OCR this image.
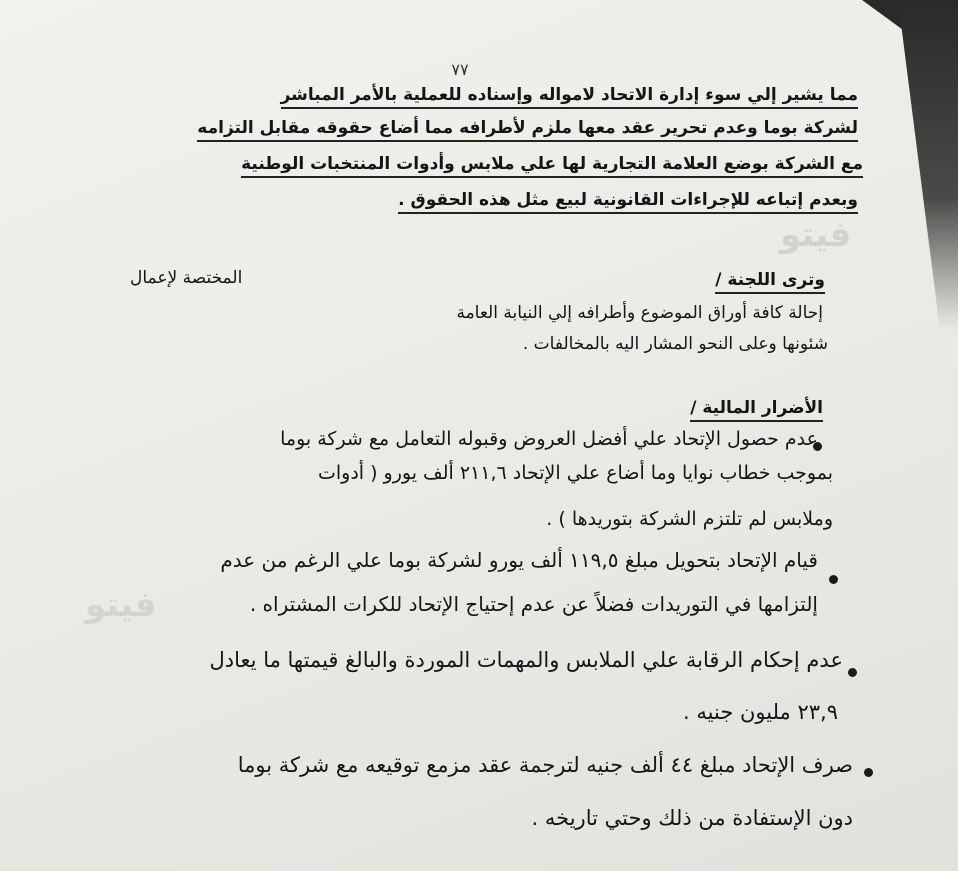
٧٧
مما يشير إلي سوء إدارة الاتحاد لامواله وإسناده للعملية بالأمر المباشر
لشركة بوما وعدم تحرير عقد معها ملزم لأطرافه مما أضاع حقوقه مقابل التزامه
مع الشركة بوضع العلامة التجارية لها علي ملابس وأدوات المنتخبات الوطنية
وبعدم إتباعه للإجراءات القانونية لبيع مثل هذه الحقوق .
وترى اللجنة /
المختصة لإعمال
إحالة كافة أوراق الموضوع وأطرافه إلي النيابة العامة
شئونها وعلى النحو المشار اليه بالمخالفات .
الأضرار المالية /
عدم حصول الإتحاد علي أفضل العروض وقبوله التعامل مع شركة بوما
بموجب خطاب نوايا وما أضاع علي الإتحاد ٢١١,٦ ألف يورو ( أدوات
وملابس لم تلتزم الشركة بتوريدها ) .
قيام الإتحاد بتحويل مبلغ ١١٩,٥ ألف يورو لشركة بوما علي الرغم من عدم
إلتزامها في التوريدات فضلاً عن عدم إحتياج الإتحاد للكرات المشتراه .
عدم إحكام الرقابة علي الملابس والمهمات الموردة والبالغ قيمتها ما يعادل
٢٣,٩ مليون جنيه .
صرف الإتحاد مبلغ ٤٤ ألف جنيه لترجمة عقد مزمع توقيعه مع شركة بوما
دون الإستفادة من ذلك وحتي تاريخه .
فيتو
فيتو
